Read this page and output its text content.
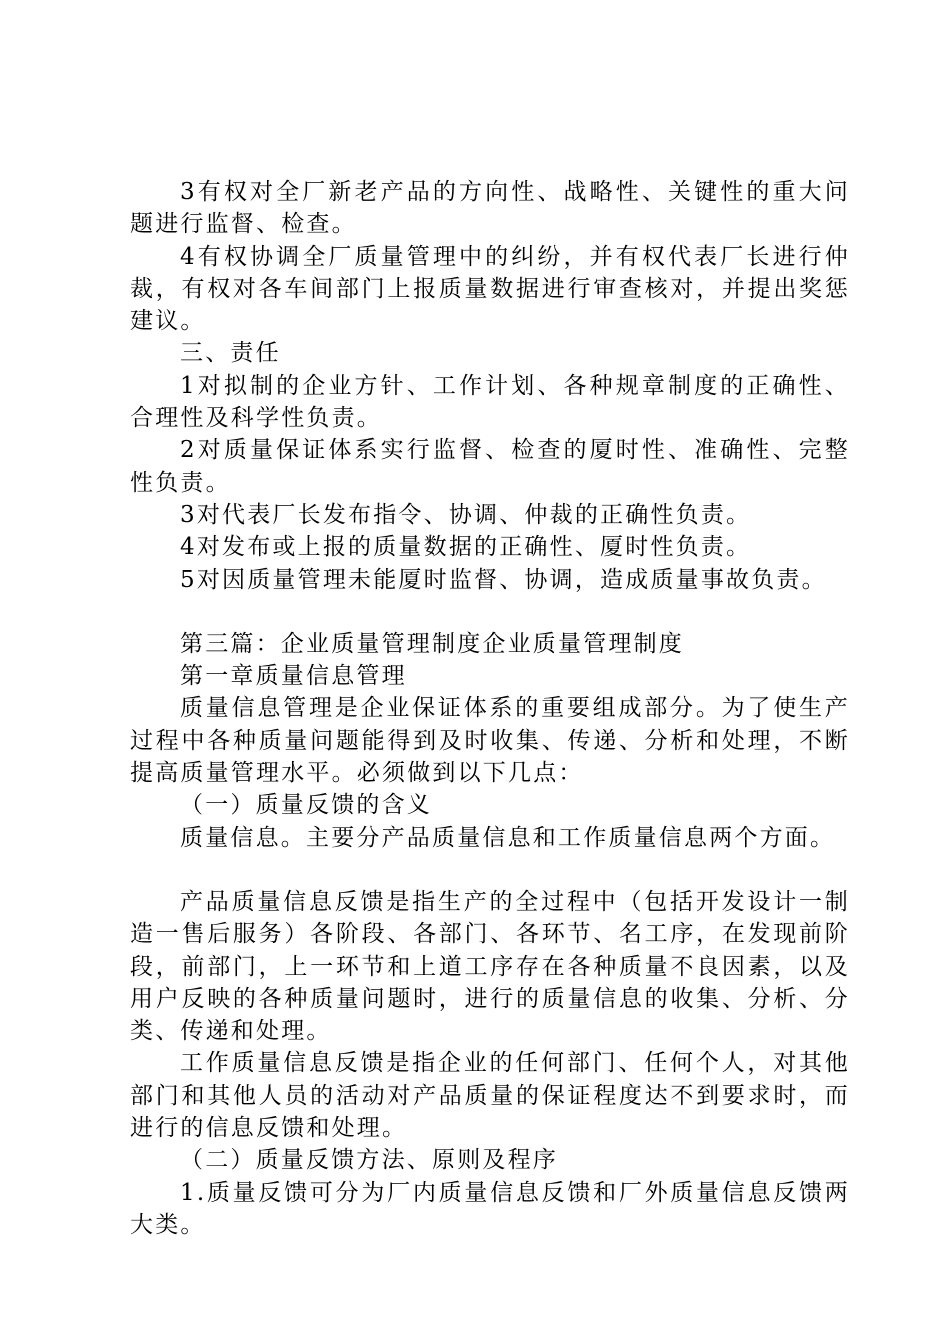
3有权对全厂新老产品的方向性、战略性、关键性的重大问题进行监督、检查。

4有权协调全厂质量管理中的纠纷，并有权代表厂长进行仲裁，有权对各车间部门上报质量数据进行审查核对，并提出奖惩建议。

三、责任

1对拟制的企业方针、工作计划、各种规章制度的正确性、合理性及科学性负责。

2对质量保证体系实行监督、检查的厦时性、准确性、完整性负责。

3对代表厂长发布指令、协调、仲裁的正确性负责。

4对发布或上报的质量数据的正确性、厦时性负责。

5对因质量管理未能厦时监督、协调，造成质量事故负责。

第三篇：企业质量管理制度企业质量管理制度

第一章质量信息管理

质量信息管理是企业保证体系的重要组成部分。为了使生产过程中各种质量问题能得到及时收集、传递、分析和处理，不断提高质量管理水平。必须做到以下几点：

（一）质量反馈的含义

质量信息。主要分产品质量信息和工作质量信息两个方面。

产品质量信息反馈是指生产的全过程中（包括开发设计一制造一售后服务）各阶段、各部门、各环节、名工序，在发现前阶段，前部门，上一环节和上道工序存在各种质量不良因素，以及用户反映的各种质量问题时，进行的质量信息的收集、分析、分类、传递和处理。

工作质量信息反馈是指企业的任何部门、任何个人，对其他部门和其他人员的活动对产品质量的保证程度达不到要求时，而进行的信息反馈和处理。

（二）质量反馈方法、原则及程序

1.质量反馈可分为厂内质量信息反馈和厂外质量信息反馈两大类。
